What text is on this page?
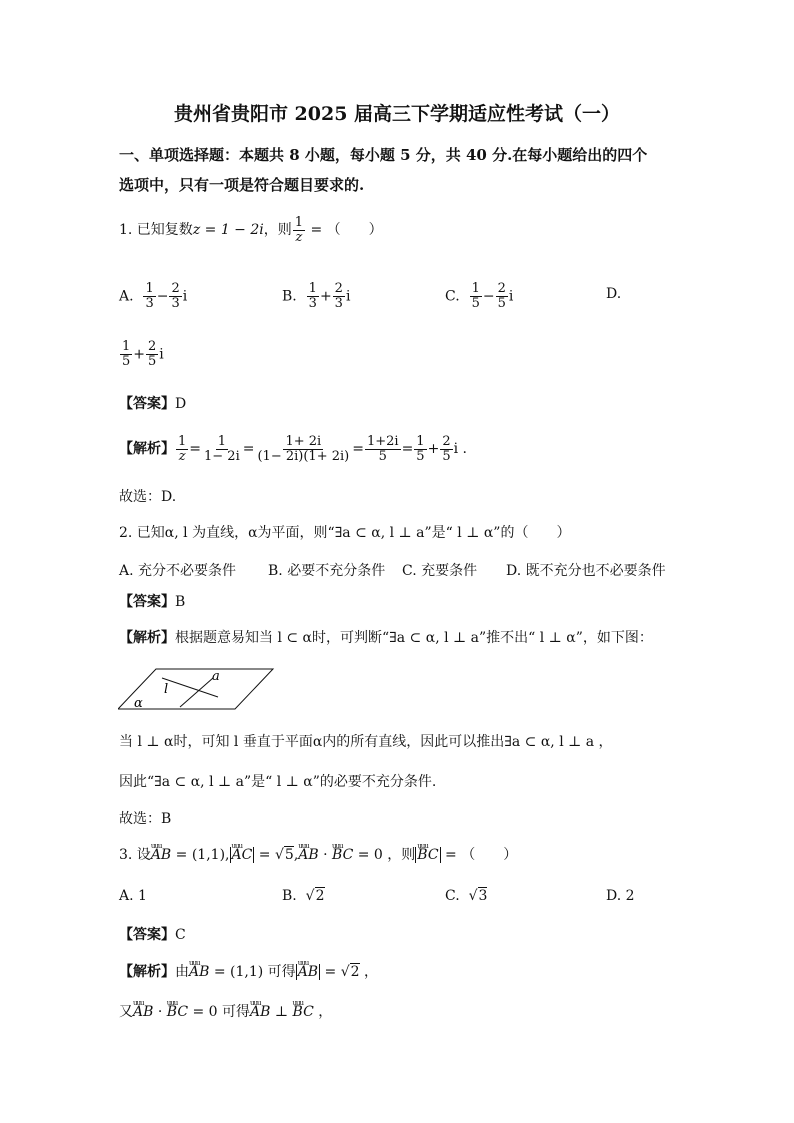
贵州省贵阳市 2025 届高三下学期适应性考试（一）
一、单项选择题：本题共 8 小题，每小题 5 分，共 40 分.在每小题给出的四个
选项中，只有一项是符合题目要求的.
1. 已知复数z = 1 − 2i，则 $\frac{1}{z}$ = （　　）
A. $\frac{1}{3} - \frac{2}{3}$ i	B. $\frac{1}{3} + \frac{2}{3}$ i	C. $\frac{1}{5} - \frac{2}{5}$ i	D.
$\frac{1}{5} + \frac{2}{5}$ i
【答案】D
【解析】 $\frac{1}{z} = \frac{1}{1- 2i} = \frac{1+ 2i}{(1- 2i)(1+ 2i)} = \frac{1+2i}{5} = \frac{1}{5} + \frac{2}{5}$ i .
故选：D.
2. 已知α, l 为直线，α为平面，则“∃a ⊂ α, l ⊥ a”是“ l ⊥ α”的（　　）
A. 充分不必要条件 B. 必要不充分条件 C. 充要条件 D. 既不充分也不必要条件
【答案】B
【解析】根据题意易知当 l ⊂ α时，可判断“∃a ⊂ α, l ⊥ a”推不出“ l ⊥ α”，如下图：
l
a
α
当 l ⊥ α时，可知 l 垂直于平面α内的所有直线，因此可以推出∃a ⊂ α, l ⊥ a ，
因此“∃a ⊂ α, l ⊥ a”是“ l ⊥ α”的必要不充分条件.
故选：B
3. 设uuu AB = (1,1), uuu AC = √5,uuu AB · uuu BC = 0 ，则 uuu BC = （　　）
A. 1	B.  √2	C.  √3	D. 2
【答案】C
【解析】由uuu AB = (1,1) 可得 uuu AB = √2 ，
又uuu AB · uuu BC = 0 可得uuu AB ⊥ uuu BC ，
